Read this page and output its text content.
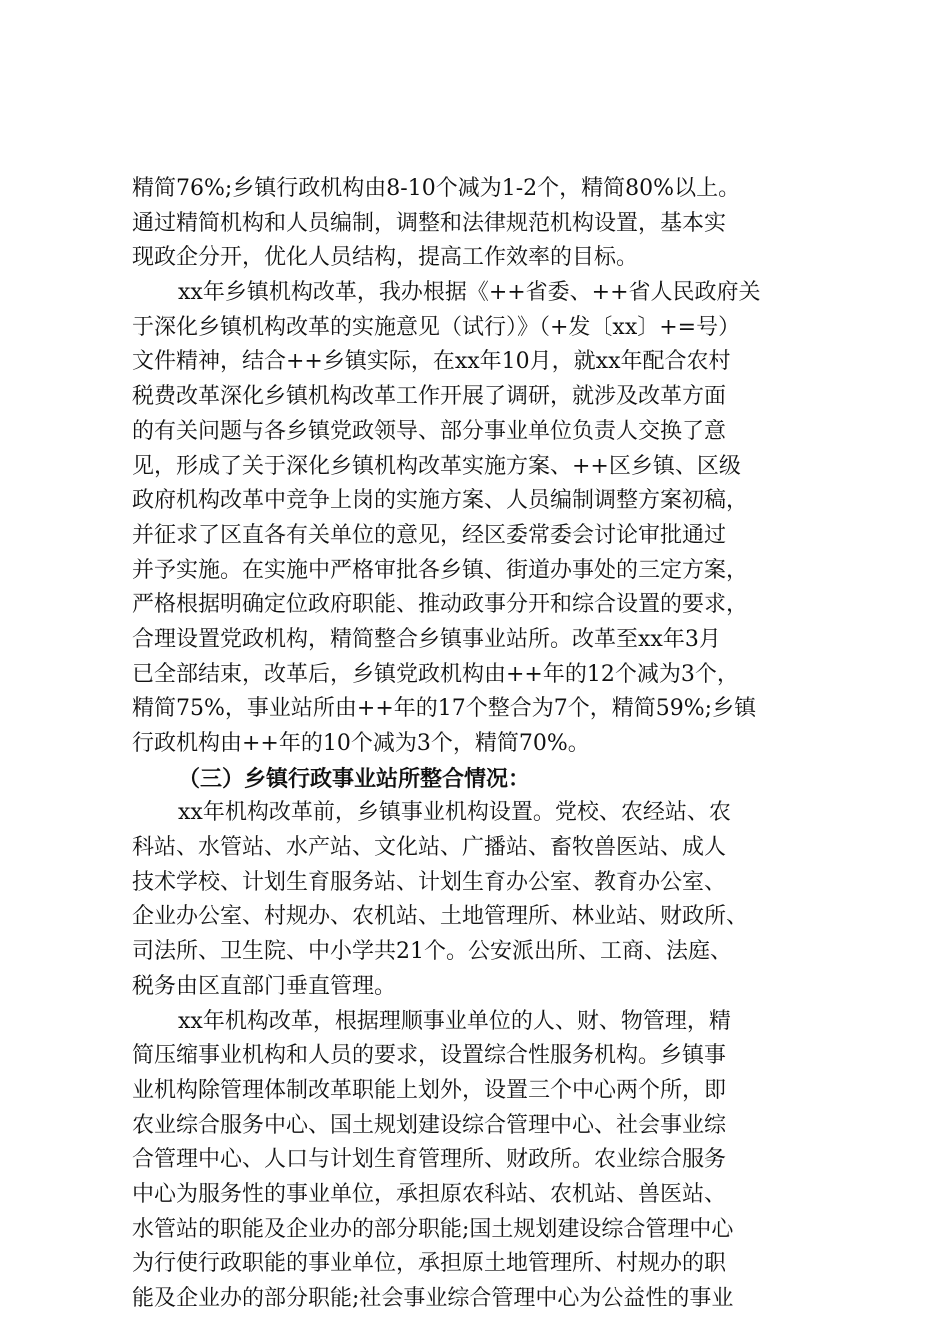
精简76%;乡镇行政机构由8-10个减为1-2个，精简80%以上。
通过精简机构和人员编制，调整和法律规范机构设置，基本实
现政企分开，优化人员结构，提高工作效率的目标。
xx年乡镇机构改革，我办根据《++省委、++省人民政府关
于深化乡镇机构改革的实施意见（试行）》（+发〔xx〕+=号）
文件精神，结合++乡镇实际，在xx年10月，就xx年配合农村
税费改革深化乡镇机构改革工作开展了调研，就涉及改革方面
的有关问题与各乡镇党政领导、部分事业单位负责人交换了意
见，形成了关于深化乡镇机构改革实施方案、++区乡镇、区级
政府机构改革中竞争上岗的实施方案、人员编制调整方案初稿，
并征求了区直各有关单位的意见，经区委常委会讨论审批通过
并予实施。在实施中严格审批各乡镇、街道办事处的三定方案，
严格根据明确定位政府职能、推动政事分开和综合设置的要求，
合理设置党政机构，精简整合乡镇事业站所。改革至xx年3月
已全部结束，改革后，乡镇党政机构由++年的12个减为3个，
精简75%，事业站所由++年的17个整合为7个，精简59%;乡镇
行政机构由++年的10个减为3个，精简70%。
（三）乡镇行政事业站所整合情况：
xx年机构改革前，乡镇事业机构设置。党校、农经站、农
科站、水管站、水产站、文化站、广播站、畜牧兽医站、成人
技术学校、计划生育服务站、计划生育办公室、教育办公室、
企业办公室、村规办、农机站、土地管理所、林业站、财政所、
司法所、卫生院、中小学共21个。公安派出所、工商、法庭、
税务由区直部门垂直管理。
xx年机构改革，根据理顺事业单位的人、财、物管理，精
简压缩事业机构和人员的要求，设置综合性服务机构。乡镇事
业机构除管理体制改革职能上划外，设置三个中心两个所，即
农业综合服务中心、国土规划建设综合管理中心、社会事业综
合管理中心、人口与计划生育管理所、财政所。农业综合服务
中心为服务性的事业单位，承担原农科站、农机站、兽医站、
水管站的职能及企业办的部分职能;国土规划建设综合管理中心
为行使行政职能的事业单位，承担原土地管理所、村规办的职
能及企业办的部分职能;社会事业综合管理中心为公益性的事业
